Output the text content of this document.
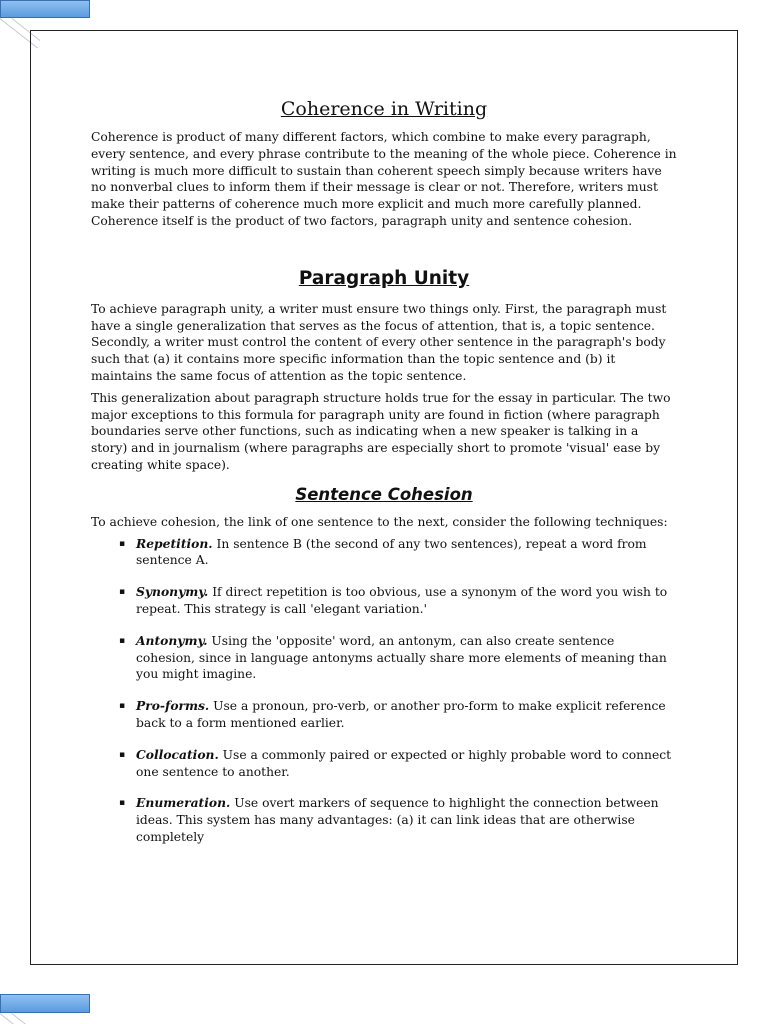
Coherence in Writing

Coherence is product of many different factors, which combine to make every paragraph, every sentence, and every phrase contribute to the meaning of the whole piece. Coherence in writing is much more difficult to sustain than coherent speech simply because writers have no nonverbal clues to inform them if their message is clear or not. Therefore, writers must make their patterns of coherence much more explicit and much more carefully planned. Coherence itself is the product of two factors, paragraph unity and sentence cohesion.

Paragraph Unity

To achieve paragraph unity, a writer must ensure two things only. First, the paragraph must have a single generalization that serves as the focus of attention, that is, a topic sentence. Secondly, a writer must control the content of every other sentence in the paragraph's body such that (a) it contains more specific information than the topic sentence and (b) it maintains the same focus of attention as the topic sentence.

This generalization about paragraph structure holds true for the essay in particular. The two major exceptions to this formula for paragraph unity are found in fiction (where paragraph boundaries serve other functions, such as indicating when a new speaker is talking in a story) and in journalism (where paragraphs are especially short to promote 'visual' ease by creating white space).

Sentence Cohesion

To achieve cohesion, the link of one sentence to the next, consider the following techniques:

▪ Repetition. In sentence B (the second of any two sentences), repeat a word from sentence A.
▪ Synonymy. If direct repetition is too obvious, use a synonym of the word you wish to repeat. This strategy is call 'elegant variation.'
▪ Antonymy. Using the 'opposite' word, an antonym, can also create sentence cohesion, since in language antonyms actually share more elements of meaning than you might imagine.
▪ Pro-forms. Use a pronoun, pro-verb, or another pro-form to make explicit reference back to a form mentioned earlier.
▪ Collocation. Use a commonly paired or expected or highly probable word to connect one sentence to another.
▪ Enumeration. Use overt markers of sequence to highlight the connection between ideas. This system has many advantages: (a) it can link ideas that are otherwise completely
